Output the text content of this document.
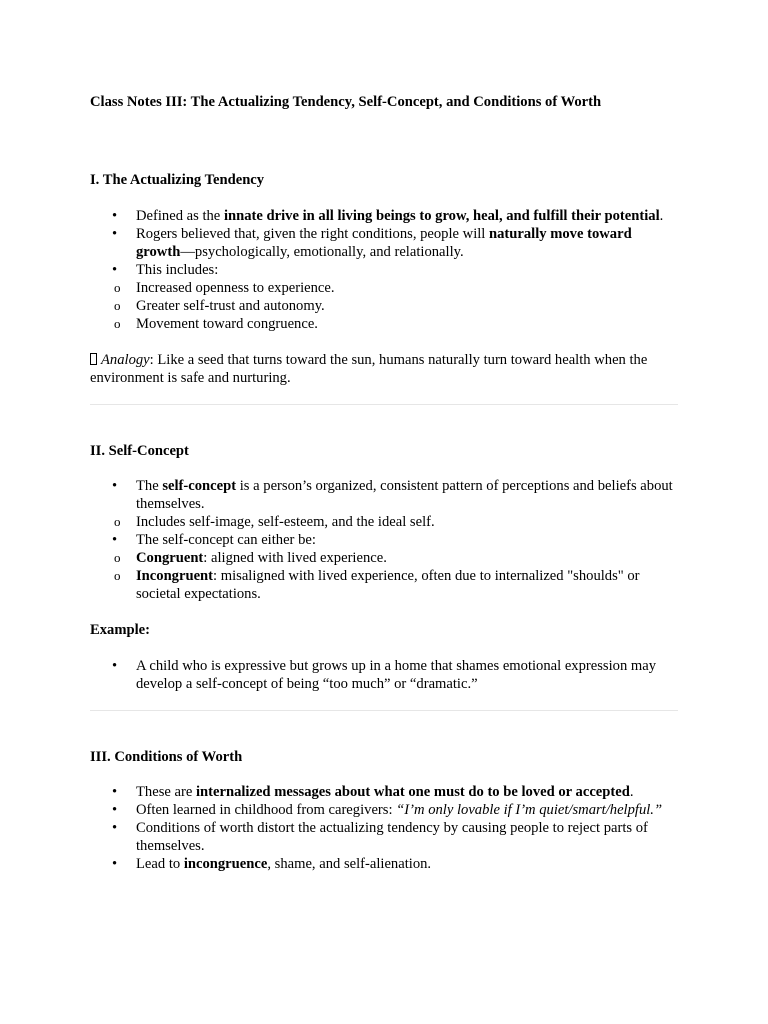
Class Notes III: The Actualizing Tendency, Self-Concept, and Conditions of Worth

I. The Actualizing Tendency
• Defined as the innate drive in all living beings to grow, heal, and fulfill their potential.
• Rogers believed that, given the right conditions, people will naturally move toward growth—psychologically, emotionally, and relationally.
• This includes:
o Increased openness to experience.
o Greater self-trust and autonomy.
o Movement toward congruence.

Analogy: Like a seed that turns toward the sun, humans naturally turn toward health when the environment is safe and nurturing.

II. Self-Concept
• The self-concept is a person’s organized, consistent pattern of perceptions and beliefs about themselves.
o Includes self-image, self-esteem, and the ideal self.
• The self-concept can either be:
o Congruent: aligned with lived experience.
o Incongruent: misaligned with lived experience, often due to internalized "shoulds" or societal expectations.

Example:

• A child who is expressive but grows up in a home that shames emotional expression may develop a self-concept of being “too much” or “dramatic.”
III. Conditions of Worth
• These are internalized messages about what one must do to be loved or accepted.
• Often learned in childhood from caregivers: “I’m only lovable if I’m quiet/smart/helpful.”
• Conditions of worth distort the actualizing tendency by causing people to reject parts of themselves.
• Lead to incongruence, shame, and self-alienation.
